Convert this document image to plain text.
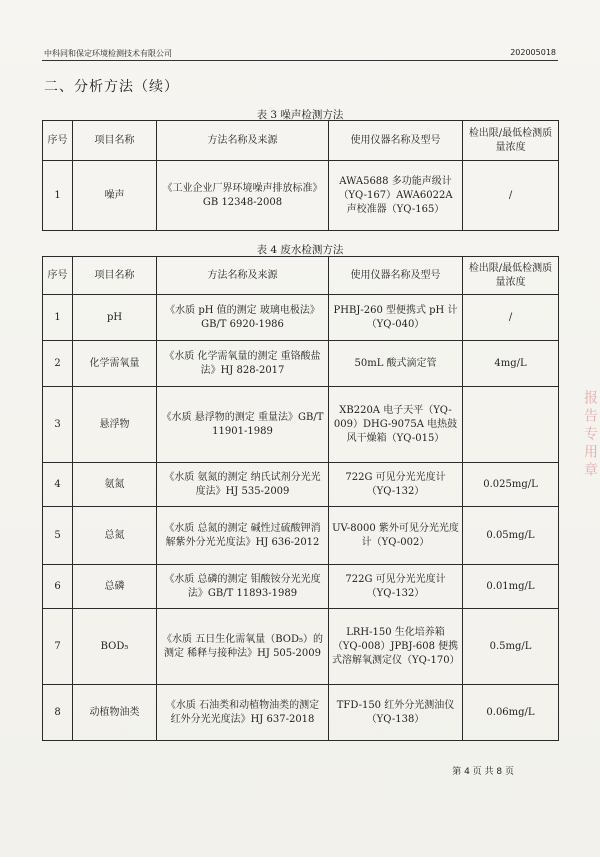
中科同和保定环境检测技术有限公司	202005018
二、分析方法（续）
表 3 噪声检测方法
序号	项目名称	方法名称及来源	使用仪器名称及型号	检出限/最低检测质量浓度
1	噪声	《工业企业厂界环境噪声排放标准》GB 12348-2008	AWA5688 多功能声级计（YQ-167）AWA6022A 声校准器（YQ-165）	/
表 4 废水检测方法
序号	项目名称	方法名称及来源	使用仪器名称及型号	检出限/最低检测质量浓度
1	pH	《水质 pH 值的测定 玻璃电极法》GB/T 6920-1986	PHBJ-260 型便携式 pH 计（YQ-040）	/
2	化学需氧量	《水质 化学需氧量的测定 重铬酸盐法》HJ 828-2017	50mL 酸式滴定管	4mg/L
3	悬浮物	《水质 悬浮物的测定 重量法》GB/T 11901-1989	XB220A 电子天平（YQ-009）DHG-9075A 电热鼓风干燥箱（YQ-015）	
4	氨氮	《水质 氨氮的测定 纳氏试剂分光光度法》HJ 535-2009	722G 可见分光光度计（YQ-132）	0.025mg/L
5	总氮	《水质 总氮的测定 碱性过硫酸钾消解紫外分光光度法》HJ 636-2012	UV-8000 紫外可见分光光度计（YQ-002）	0.05mg/L
6	总磷	《水质 总磷的测定 钼酸铵分光光度法》GB/T 11893-1989	722G 可见分光光度计（YQ-132）	0.01mg/L
7	BOD₅	《水质 五日生化需氧量（BOD₅）的测定 稀释与接种法》HJ 505-2009	LRH-150 生化培养箱（YQ-008）JPBJ-608 便携式溶解氧测定仪（YQ-170）	0.5mg/L
8	动植物油类	《水质 石油类和动植物油类的测定 红外分光光度法》HJ 637-2018	TFD-150 红外分光测油仪（YQ-138）	0.06mg/L
报告专用章
第 4 页 共 8 页
